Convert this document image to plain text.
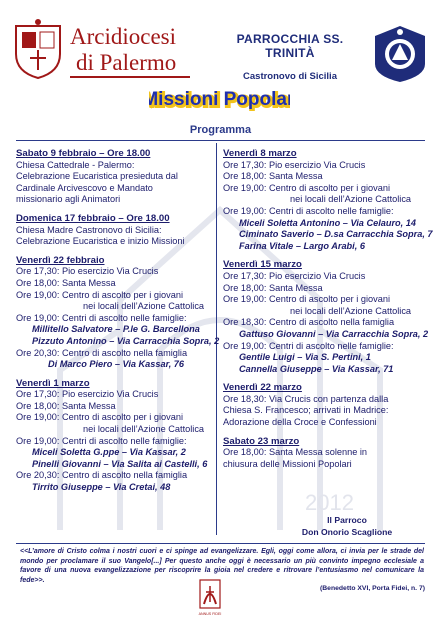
2012
Arcidiocesi
di Palermo
PARROCCHIA SS. TRINITÀ
Castronovo di Sicilia
Missioni Popola
Missioni Popola
Programma
Sabato 9 febbraio – Ore 18.00
Chiesa Cattedrale - Palermo:
Celebrazione Eucaristica presieduta dal
Cardinale Arcivescovo e Mandato
missionario agli Animatori
Domenica 17 febbraio – Ore 18.00
Chiesa Madre Castronovo di Sicilia:
Celebrazione Eucaristica e inizio Missioni
Venerdì 22 febbraio
Ore 17,30: Pio esercizio Via Crucis
Ore 18,00: Santa Messa
Ore 19,00: Centro di ascolto per i giovani
nei locali dell’Azione Cattolica
Ore 19,00: Centri di ascolto nelle famiglie:
Millitello Salvatore – P.le G. Barcellona
Pizzuto Antonino – Via Carracchia Sopra, 2
Ore 20,30: Centro di ascolto nella famiglia
Di Marco Piero – Via Kassar, 76
Venerdì 1 marzo
Ore 17,30: Pio esercizio Via Crucis
Ore 18,00: Santa Messa
Ore 19,00: Centro di ascolto per i giovani
nei locali dell’Azione Cattolica
Ore 19,00: Centri di ascolto nelle famiglie:
Miceli Soletta G.ppe – Via Kassar, 2
Pinelli Giovanni – Via Salita ai Castelli, 6
Ore 20,30: Centro di ascolto nella famiglia
Tirrito Giuseppe – Via Cretai, 48
Venerdì 8 marzo
Ore 17,30: Pio esercizio Via Crucis
Ore 18,00: Santa Messa
Ore 19,00: Centro di ascolto per i giovani
nei locali dell’Azione Cattolica
Ore 19,00: Centri di ascolto nelle famiglie:
Miceli Soletta Antonino – Via Celauro, 14
Ciminato Saverio – D.sa Carracchia Sopra, 7
Farina Vitale – Largo Arabi, 6
Venerdì 15 marzo
Ore 17,30: Pio esercizio Via Crucis
Ore 18,00: Santa Messa
Ore 19,00: Centro di ascolto per i giovani
nei locali dell’Azione Cattolica
Ore 18,30: Centro di ascolto nella famiglia
Gattuso Giovanni – Via Carracchia Sopra, 2
Ore 19,00: Centri di ascolto nelle famiglie:
Gentile Luigi – Via S. Pertini, 1
Cannella Giuseppe – Via Kassar, 71
Venerdì 22 marzo
Ore 18,30: Via Crucis con partenza dalla
Chiesa S. Francesco; arrivati in Madrice:
Adorazione della Croce e Confessioni
Sabato 23 marzo
Ore 18,00: Santa Messa solenne in
chiusura delle Missioni Popolari
Il Parroco
Don Onorio Scaglione
<<L’amore di Cristo colma i nostri cuori e ci spinge ad evangelizzare. Egli, oggi come allora, ci invia per le strade del mondo per proclamare il suo Vangelo[...] Per questo anche oggi è necessario un più convinto impegno ecclesiale a favore di una nuova evangelizzazione per riscoprire la gioia nel credere e ritrovare l’entusiasmo nel comunicare la fede>>.
ANNUS FIDEI
(Benedetto XVI, Porta Fidei, n. 7)
